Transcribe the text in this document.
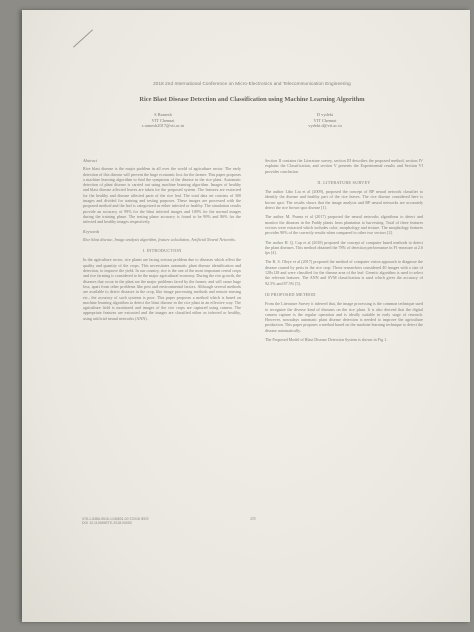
2018 2nd International Conference on Micro-Electronics and Telecommunication Engineering
Rice Blast Disease Detection and Classification using Machine Learning Algorithm
S Ramesh
VIT Chennai
s.ramesh2017@vit.ac.in
D vydeki
VIT Chennai
vydeki.d@vit.ac.in
Abstract

Rice blast disease is the major problem in all over the world of agriculture sector. The early detection of this disease will prevent the huge economic loss for the farmer. This paper proposes a machine learning algorithm to find the symptoms of the disease in the rice plant. Automatic detection of plant disease is carried out using machine learning algorithm. Images of healthy and blast disease affected leaves are taken for the proposed system. The features are extracted for the healthy and disease affected parts of the rice leaf. The total data set consists of 300 images and divided for training and testing purposes. These images are processed with the proposed method and the leaf is categorized as either infected or healthy. The simulation results provide an accuracy of 99% for the blast infected images and 100% for the normal images during the training phase. The testing phase accuracy is found to be 90% and 86% for the infected and healthy images respectively.

Keywords

Rice blast disease, Image analysis algorithm, feature calculation, Artificial Neural Networks.

I. INTRODUCTION

In the agriculture sector, rice plants are facing serious problem due to diseases which affect the quality and quantity of the crops. This necessitates automatic plant disease identification and detection, to improve the yield. In our country, rice is the one of the most important cereal crops and rice farming is considered to be the major agricultural economy. During the rice growth, the diseases that occur in the plant are the major problems faced by the farmer, and will cause huge loss, apart from other problems like pest and environmental factors. Although several methods are available to detect diseases in the crop, like image processing methods and remote sensing etc., the accuracy of such systems is poor. This paper proposes a method which is based on machine learning algorithm to detect the blast disease in the rice plant in an effective way. The agriculture field is monitored and images of the rice crops are captured using camera. The appropriate features are extracted and the images are classified either as infected or healthy, using artificial neural networks (ANN).

Section II contains the Literature survey, section III describes the proposed method, section IV explains the Classification, and section V presents the Experimental results and Section VI provides conclusion.

II. LITERATURE SURVEY

The author Libo Liu et al (2009), proposed the concept of BP neural network classifier to identify the disease and healthy part of the rice leaves. The rice disease considered here is brown spot. The results shows that the image analysis and BP neural networks are accurately detect the rice brown spot disease [1].

The author M. Prarna et al (2017) proposed the neural networks algorithms to detect and monitor the diseases in the Paddy plants from plantation to harvesting. Total of three features vectors were extracted which includes color, morphology and texture. The morphology features provides 90% of the correctly results when compared to other two vectors [2].

The author H. Q. Cap et al (2018) proposed the concept of computer based methods to detect the plant diseases. This method obtained the 78% of detection performance in F1-measure at 2.6 fps [4].

The R. S. Oleye et al (2017) proposed the method of computer vision approach to diagnose the disease caused by pests in the rice crop. These researchers considered 40 images with a size of 128x128 and were classified for the disease area of the leaf. Genetic algorithm is used to select the relevant features. The ANN and SVM classification is used which gives the accuracy of 92.5% and 87.5% [5].

III PROPOSED METHOD

From the Literature Survey it inferred that, the image processing is the common technique used to recognize the diverse kind of diseases on the rice plant. It is also derived that the digital camera capture is the regular operation and is ideally suitable in early stage of research. However, nowadays automatic plant disease detection is needed to improve the agriculture production. This paper proposes a method based on the machine learning technique to detect the disease automatically.

The Proposed Model of Blast Disease Detection System is shown in Fig 1.

978-1-5386-5516-1/18/$31.00 ©2018 IEEE
DOI 10.1109/METE.2018.00053
255
